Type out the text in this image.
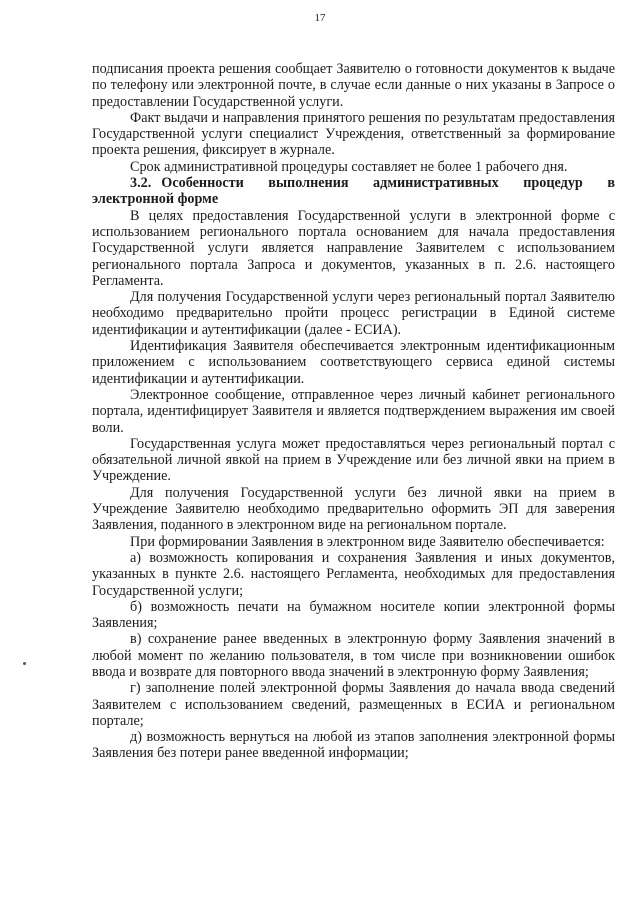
17

подписания проекта решения сообщает Заявителю о готовности документов к выдаче по телефону или электронной почте, в случае если данные о них указаны в Запросе о предоставлении Государственной услуги.

Факт выдачи и направления принятого решения по результатам предоставления Государственной услуги специалист Учреждения, ответственный за формирование проекта решения, фиксирует в журнале.

Срок административной процедуры составляет не более 1 рабочего дня.

3.2. Особенности выполнения административных процедур в электронной форме

В целях предоставления Государственной услуги в электронной форме с использованием регионального портала основанием для начала предоставления Государственной услуги является направление Заявителем с использованием регионального портала Запроса и документов, указанных в п. 2.6. настоящего Регламента.

Для получения Государственной услуги через региональный портал Заявителю необходимо предварительно пройти процесс регистрации в Единой системе идентификации и аутентификации (далее - ЕСИА).

Идентификация Заявителя обеспечивается электронным идентификационным приложением с использованием соответствующего сервиса единой системы идентификации и аутентификации.

Электронное сообщение, отправленное через личный кабинет регионального портала, идентифицирует Заявителя и является подтверждением выражения им своей воли.

Государственная услуга может предоставляться через региональный портал с обязательной личной явкой на прием в Учреждение или без личной явки на прием в Учреждение.

Для получения Государственной услуги без личной явки на прием в Учреждение Заявителю необходимо предварительно оформить ЭП для заверения Заявления, поданного в электронном виде на региональном портале.

При формировании Заявления в электронном виде Заявителю обеспечивается:

а) возможность копирования и сохранения Заявления и иных документов, указанных в пункте 2.6. настоящего Регламента, необходимых для предоставления Государственной услуги;

б) возможность печати на бумажном носителе копии электронной формы Заявления;

в) сохранение ранее введенных в электронную форму Заявления значений в любой момент по желанию пользователя, в том числе при возникновении ошибок ввода и возврате для повторного ввода значений в электронную форму Заявления;

г) заполнение полей электронной формы Заявления до начала ввода сведений Заявителем с использованием сведений, размещенных в ЕСИА и региональном портале;

д) возможность вернуться на любой из этапов заполнения электронной формы Заявления без потери ранее введенной информации;
